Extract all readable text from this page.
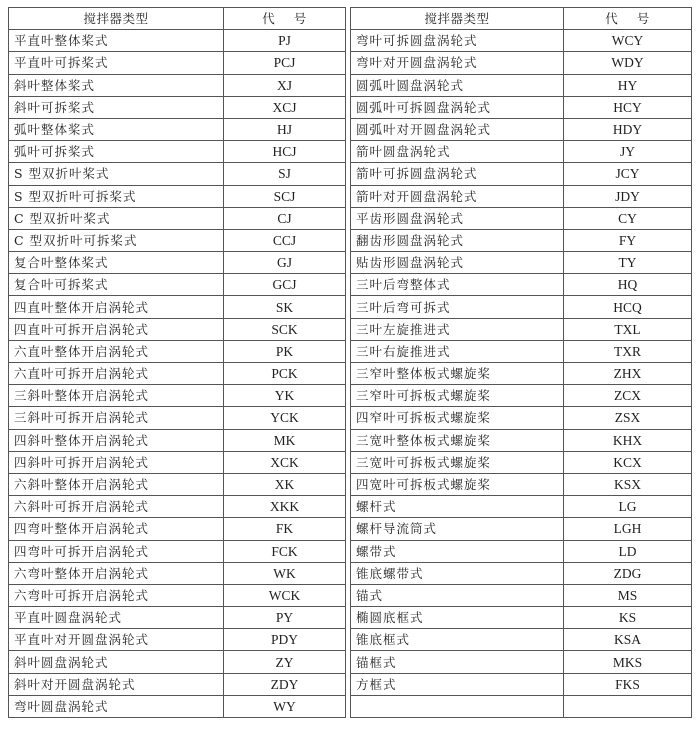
搅拌器类型	代 号
平直叶整体桨式	PJ
平直叶可拆桨式	PCJ
斜叶整体桨式	XJ
斜叶可拆桨式	XCJ
弧叶整体桨式	HJ
弧叶可拆桨式	HCJ
S 型双折叶桨式	SJ
S 型双折叶可拆桨式	SCJ
C 型双折叶桨式	CJ
C 型双折叶可拆桨式	CCJ
复合叶整体桨式	GJ
复合叶可拆桨式	GCJ
四直叶整体开启涡轮式	SK
四直叶可拆开启涡轮式	SCK
六直叶整体开启涡轮式	PK
六直叶可拆开启涡轮式	PCK
三斜叶整体开启涡轮式	YK
三斜叶可拆开启涡轮式	YCK
四斜叶整体开启涡轮式	MK
四斜叶可拆开启涡轮式	XCK
六斜叶整体开启涡轮式	XK
六斜叶可拆开启涡轮式	XKK
四弯叶整体开启涡轮式	FK
四弯叶可拆开启涡轮式	FCK
六弯叶整体开启涡轮式	WK
六弯叶可拆开启涡轮式	WCK
平直叶圆盘涡轮式	PY
平直叶对开圆盘涡轮式	PDY
斜叶圆盘涡轮式	ZY
斜叶对开圆盘涡轮式	ZDY
弯叶圆盘涡轮式	WY
搅拌器类型	代 号
弯叶可拆圆盘涡轮式	WCY
弯叶对开圆盘涡轮式	WDY
圆弧叶圆盘涡轮式	HY
圆弧叶可拆圆盘涡轮式	HCY
圆弧叶对开圆盘涡轮式	HDY
箭叶圆盘涡轮式	JY
箭叶可拆圆盘涡轮式	JCY
箭叶对开圆盘涡轮式	JDY
平齿形圆盘涡轮式	CY
翻齿形圆盘涡轮式	FY
贴齿形圆盘涡轮式	TY
三叶后弯整体式	HQ
三叶后弯可拆式	HCQ
三叶左旋推进式	TXL
三叶右旋推进式	TXR
三窄叶整体板式螺旋桨	ZHX
三窄叶可拆板式螺旋桨	ZCX
四窄叶可拆板式螺旋桨	ZSX
三宽叶整体板式螺旋桨	KHX
三宽叶可拆板式螺旋桨	KCX
四宽叶可拆板式螺旋桨	KSX
螺杆式	LG
螺杆导流筒式	LGH
螺带式	LD
锥底螺带式	ZDG
锚式	MS
椭圆底框式	KS
锥底框式	KSA
锚框式	MKS
方框式	FKS
